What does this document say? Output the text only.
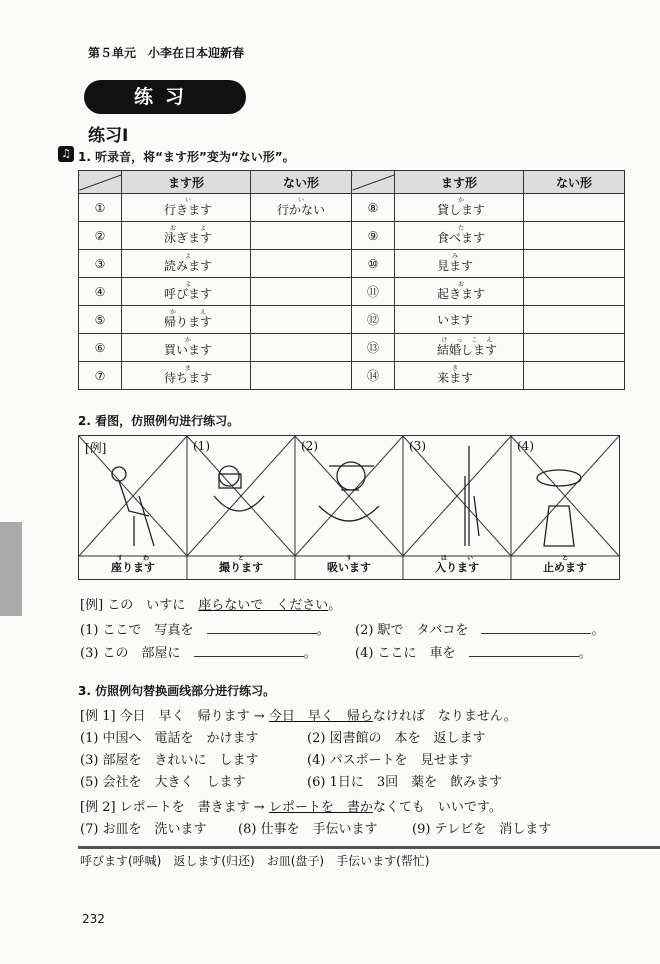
第５单元　小李在日本迎新春
练习
练习Ⅰ
♫ 1. 听录音，将“ます形”变为“ない形”。
	ます形	ない形		ます形	ない形
①	行きますい	行かないい	⑧	貸しますか		
②	泳ぎますおよ		⑨	食べますた		
③	読みますよ		⑩	見ますみ		
④	呼びますよ		⑪	起きますお		
⑤	帰りますかえ		⑫	います	
⑥	買いますか		⑬	結婚しますけっこん		
⑦	待ちますま		⑭	来ますき		
2. 看图，仿照例句进行练习。
[例]
座りますすわ
(1)
撮りますと
(2)
吸いますす
(3)
入りますはい
(4)
止めますと
[例] この　いすに　座らないで　ください。
(1) ここで　写真を　	。 (2) 駅で　タバコを　	。
(3) この　部屋に　	。	(4) ここに　車を　	。
3. 仿照例句替换画线部分进行练习。
[例 1] 今日　早く　帰ります → 今日　早く　帰らなければ　なりません。
(1) 中国へ　電話を　かけます	(2) 図書館の　本を　返します
(3) 部屋を　きれいに　します	(4) パスポートを　見せます
(5) 会社を　大きく　します	(6) 1日に　3回　薬を　飲みます
[例 2] レポートを　書きます → レポートを　書かなくても　いいです。
(7) お皿を　洗います (8) 仕事を　手伝います	(9) テレビを　消します
呼びます(呼喊)　返します(归还)　お皿(盘子)　手伝います(帮忙)
232
